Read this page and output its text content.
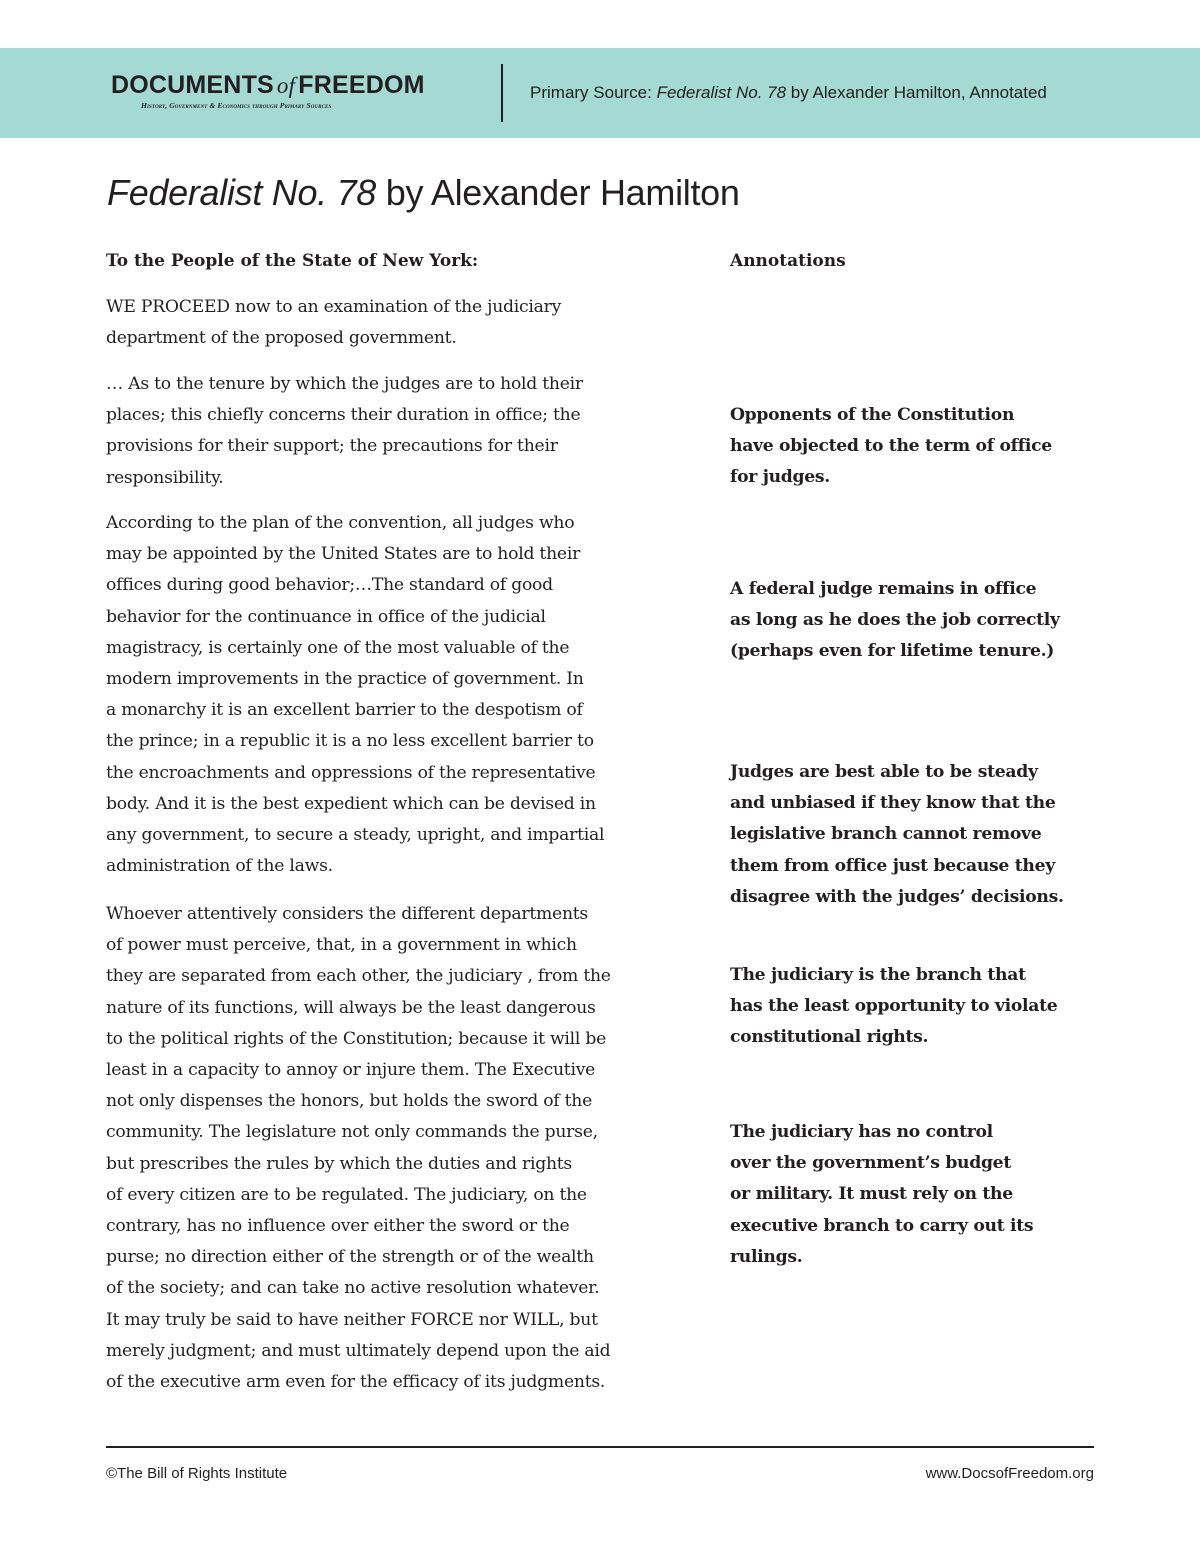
DOCUMENTS of FREEDOM
History, Government & Economics through Primary Sources
Primary Source: Federalist No. 78 by Alexander Hamilton, Annotated
Federalist No. 78 by Alexander Hamilton
To the People of the State of New York:	Annotations
WE PROCEED now to an examination of the judiciary
department of the proposed government.
… As to the tenure by which the judges are to hold their
places; this chiefly concerns their duration in office; the
provisions for their support; the precautions for their
responsibility.
According to the plan of the convention, all judges who
may be appointed by the United States are to hold their
offices during good behavior;…The standard of good
behavior for the continuance in office of the judicial
magistracy, is certainly one of the most valuable of the
modern improvements in the practice of government. In
a monarchy it is an excellent barrier to the despotism of
the prince; in a republic it is a no less excellent barrier to
the encroachments and oppressions of the representative
body. And it is the best expedient which can be devised in
any government, to secure a steady, upright, and impartial
administration of the laws.
Whoever attentively considers the different departments
of power must perceive, that, in a government in which
they are separated from each other, the judiciary , from the
nature of its functions, will always be the least dangerous
to the political rights of the Constitution; because it will be
least in a capacity to annoy or injure them. The Executive
not only dispenses the honors, but holds the sword of the
community. The legislature not only commands the purse,
but prescribes the rules by which the duties and rights
of every citizen are to be regulated. The judiciary, on the
contrary, has no influence over either the sword or the
purse; no direction either of the strength or of the wealth
of the society; and can take no active resolution whatever.
It may truly be said to have neither FORCE nor WILL, but
merely judgment; and must ultimately depend upon the aid
of the executive arm even for the efficacy of its judgments.
Opponents of the Constitution
have objected to the term of office
for judges.
A federal judge remains in office
as long as he does the job correctly
(perhaps even for lifetime tenure.)
Judges are best able to be steady
and unbiased if they know that the
legislative branch cannot remove
them from office just because they
disagree with the judges’ decisions.
The judiciary is the branch that
has the least opportunity to violate
constitutional rights.
The judiciary has no control
over the government’s budget
or military. It must rely on the
executive branch to carry out its
rulings.
©The Bill of Rights Institute	www.DocsofFreedom.org
